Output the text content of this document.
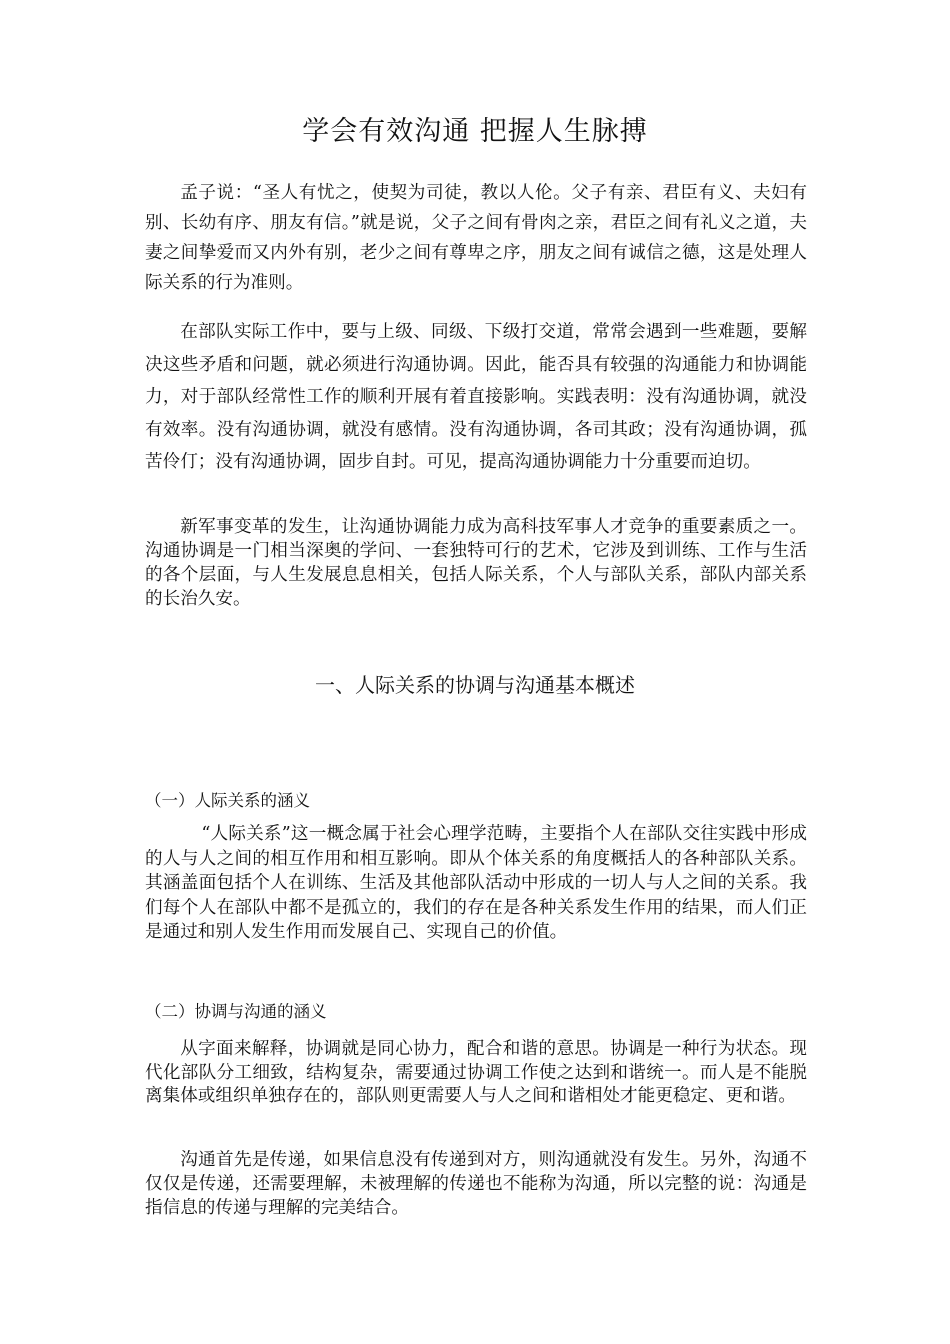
学会有效沟通 把握人生脉搏

孟子说：“圣人有忧之，使契为司徒，教以人伦。父子有亲、君臣有义、夫妇有别、长幼有序、朋友有信。”就是说，父子之间有骨肉之亲，君臣之间有礼义之道，夫妻之间挚爱而又内外有别，老少之间有尊卑之序，朋友之间有诚信之德，这是处理人际关系的行为准则。

在部队实际工作中，要与上级、同级、下级打交道，常常会遇到一些难题，要解决这些矛盾和问题，就必须进行沟通协调。因此，能否具有较强的沟通能力和协调能力，对于部队经常性工作的顺利开展有着直接影响。实践表明：没有沟通协调，就没有效率。没有沟通协调，就没有感情。没有沟通协调，各司其政；没有沟通协调，孤苦伶仃；没有沟通协调，固步自封。可见，提高沟通协调能力十分重要而迫切。

新军事变革的发生，让沟通协调能力成为高科技军事人才竞争的重要素质之一。沟通协调是一门相当深奥的学问、一套独特可行的艺术，它涉及到训练、工作与生活的各个层面，与人生发展息息相关，包括人际关系，个人与部队关系，部队内部关系的长治久安。

一、人际关系的协调与沟通基本概述
（一）人际关系的涵义

“人际关系”这一概念属于社会心理学范畴，主要指个人在部队交往实践中形成的人与人之间的相互作用和相互影响。即从个体关系的角度概括人的各种部队关系。其涵盖面包括个人在训练、生活及其他部队活动中形成的一切人与人之间的关系。我们每个人在部队中都不是孤立的，我们的存在是各种关系发生作用的结果，而人们正是通过和别人发生作用而发展自己、实现自己的价值。

（二）协调与沟通的涵义

从字面来解释，协调就是同心协力，配合和谐的意思。协调是一种行为状态。现代化部队分工细致，结构复杂，需要通过协调工作使之达到和谐统一。而人是不能脱离集体或组织单独存在的，部队则更需要人与人之间和谐相处才能更稳定、更和谐。

沟通首先是传递，如果信息没有传递到对方，则沟通就没有发生。另外，沟通不仅仅是传递，还需要理解，未被理解的传递也不能称为沟通，所以完整的说：沟通是指信息的传递与理解的完美结合。
